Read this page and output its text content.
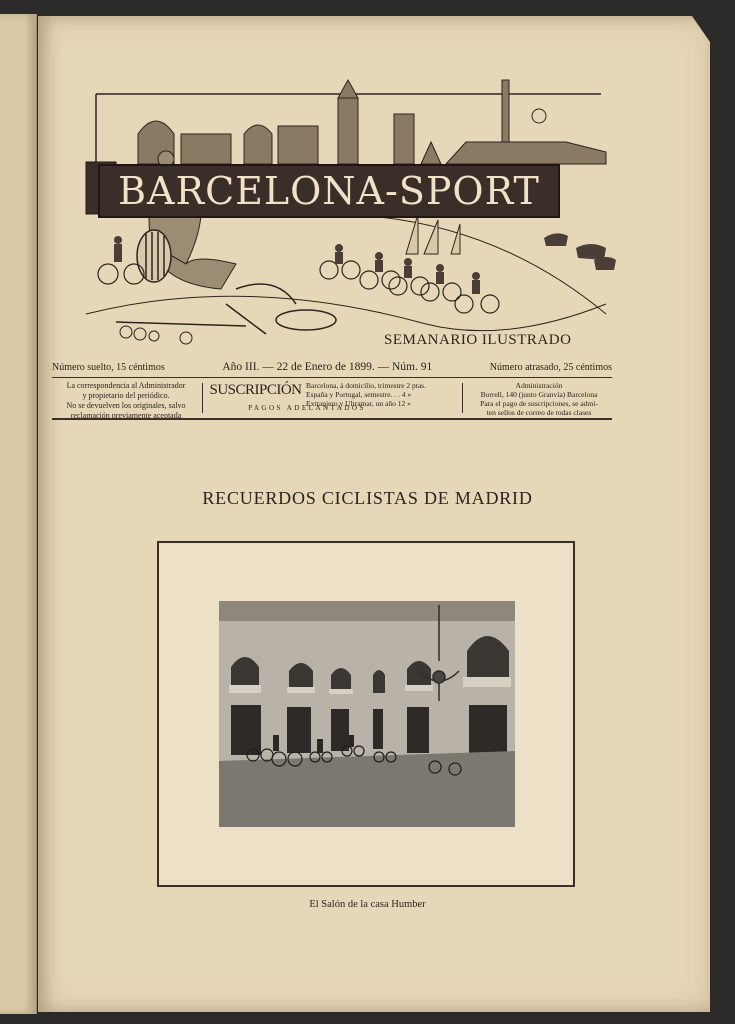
BARCELONA-SPORT
SEMANARIO ILUSTRADO
Número suelto, 15 céntimos	Año III. — 22 de Enero de 1899. — Núm. 91	Número atrasado, 25 céntimos
La correspondencia al Administrador
y propietario del periódico.
No se devuelven los originales, salvo
reclamación previamente aceptada
SUSCRIPCIÓN Barcelona, á domicilio, trimestre 2 ptas.
España y Portugal, semestre. . . 4 »
Extranjero y Ultramar, un año 12 »
Administración
Borrell, 140 (junto Granvía) Barcelona
Para el pago de suscripciones, se admi-
ten sellos de correo de todas clases
PAGOS ADELANTADOS
RECUERDOS CICLISTAS DE MADRID
El Salón de la casa Humber
